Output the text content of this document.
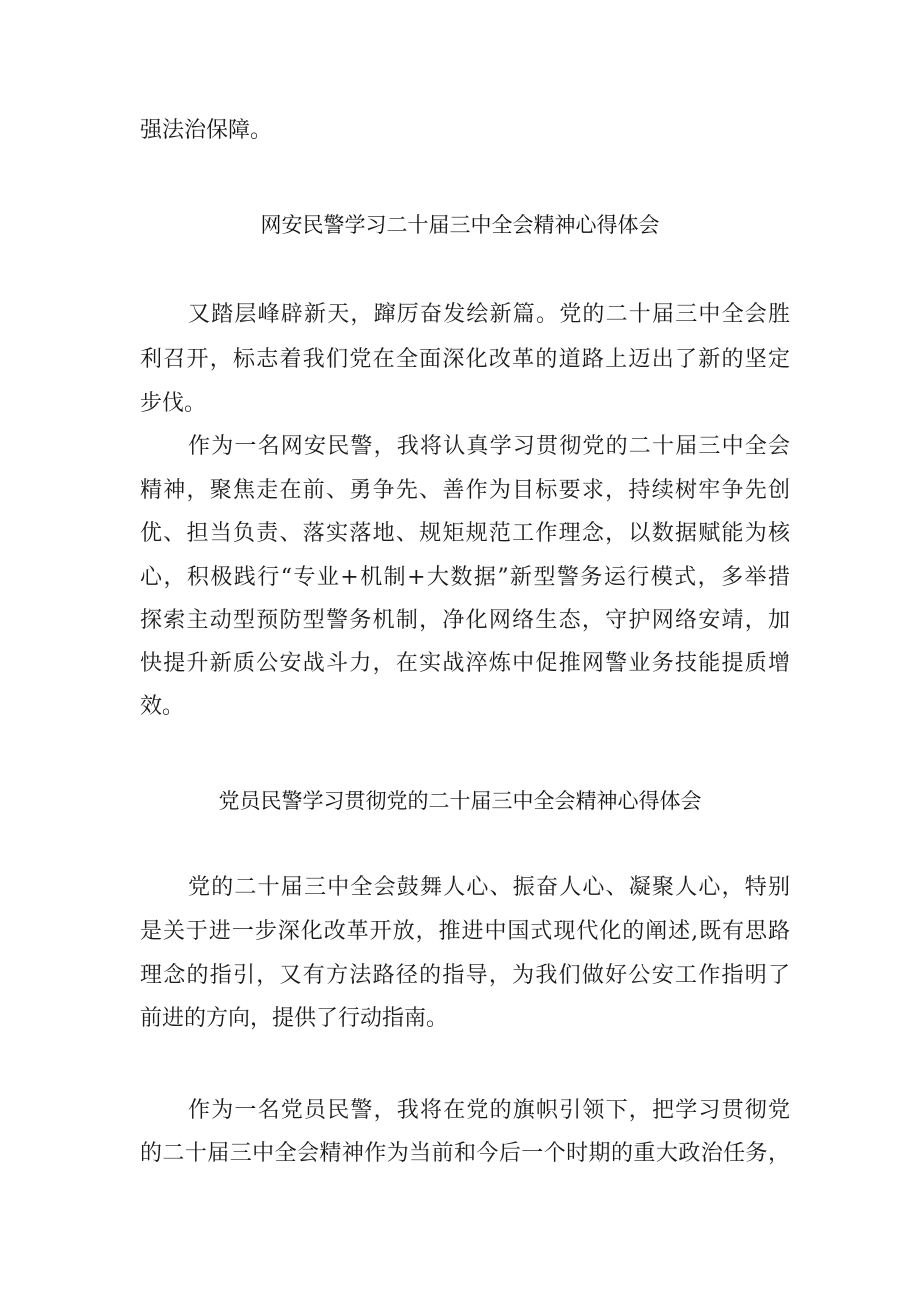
强法治保障。
网安民警学习二十届三中全会精神心得体会
又踏层峰辟新天，蹿厉奋发绘新篇。党的二十届三中全会胜
利召开，标志着我们党在全面深化改革的道路上迈出了新的坚定
步伐。
作为一名网安民警，我将认真学习贯彻党的二十届三中全会
精神，聚焦走在前、勇争先、善作为目标要求，持续树牢争先创
优、担当负责、落实落地、规矩规范工作理念，以数据赋能为核
心，积极践行“专业+机制+大数据”新型警务运行模式，多举措
探索主动型预防型警务机制，净化网络生态，守护网络安靖，加
快提升新质公安战斗力，在实战淬炼中促推网警业务技能提质增
效。
党员民警学习贯彻党的二十届三中全会精神心得体会
党的二十届三中全会鼓舞人心、振奋人心、凝聚人心，特别
是关于进一步深化改革开放，推进中国式现代化的阐述,既有思路
理念的指引，又有方法路径的指导，为我们做好公安工作指明了
前进的方向，提供了行动指南。
作为一名党员民警，我将在党的旗帜引领下，把学习贯彻党
的二十届三中全会精神作为当前和今后一个时期的重大政治任务，
